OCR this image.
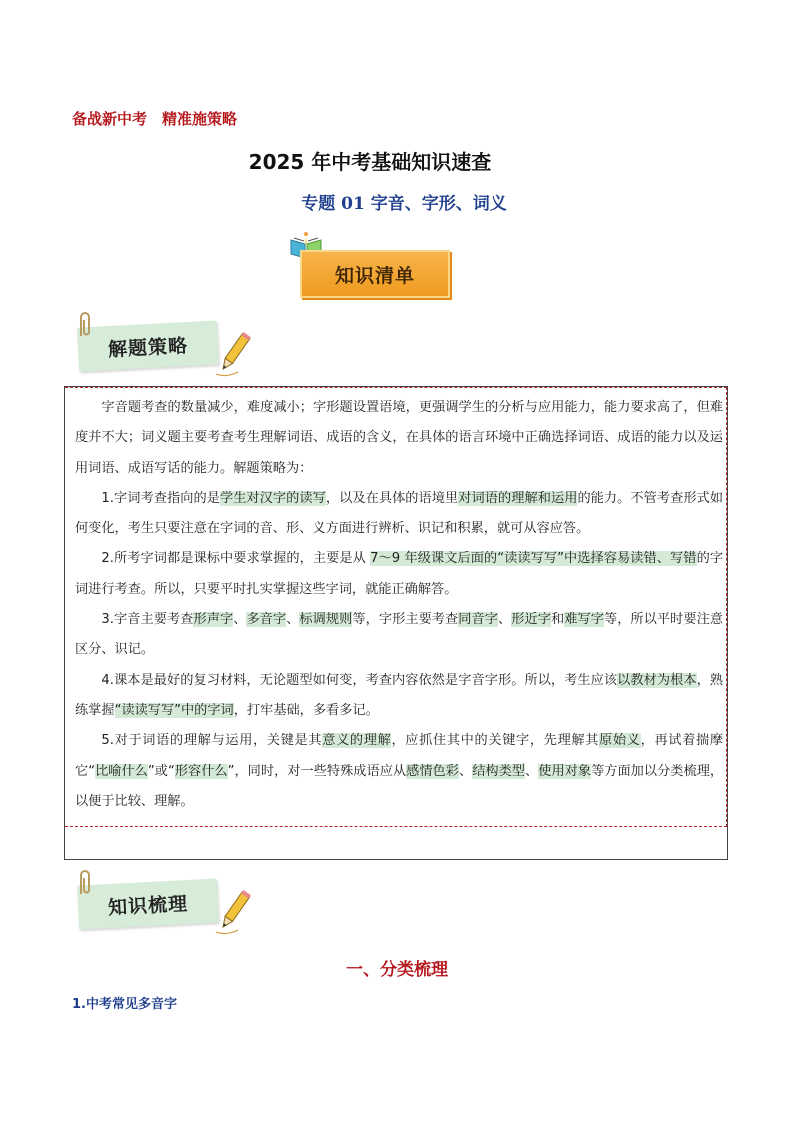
备战新中考　精准施策略
2025 年中考基础知识速查
专题 01 字音、字形、词义
知识清单
解题策略

字音题考查的数量减少，难度减小；字形题设置语境，更强调学生的分析与应用能力，能力要求高了，但难度并不大；词义题主要考查考生理解词语、成语的含义，在具体的语言环境中正确选择词语、成语的能力以及运用词语、成语写话的能力。解题策略为：

1.字词考查指向的是学生对汉字的读写，以及在具体的语境里对词语的理解和运用的能力。不管考查形式如何变化，考生只要注意在字词的音、形、义方面进行辨析、识记和积累，就可从容应答。

2.所考字词都是课标中要求掌握的，主要是从 7～9 年级课文后面的“读读写写”中选择容易读错、写错的字词进行考查。所以，只要平时扎实掌握这些字词，就能正确解答。

3.字音主要考查形声字、多音字、标调规则等，字形主要考查同音字、形近字和难写字等，所以平时要注意区分、识记。

4.课本是最好的复习材料，无论题型如何变，考查内容依然是字音字形。所以，考生应该以教材为根本，熟练掌握“读读写写”中的字词，打牢基础，多看多记。

5.对于词语的理解与运用，关键是其意义的理解，应抓住其中的关键字，先理解其原始义，再试着揣摩它“比喻什么”或“形容什么”，同时，对一些特殊成语应从感情色彩、结构类型、使用对象等方面加以分类梳理，以便于比较、理解。

知识梳理
一、分类梳理
1.中考常见多音字
